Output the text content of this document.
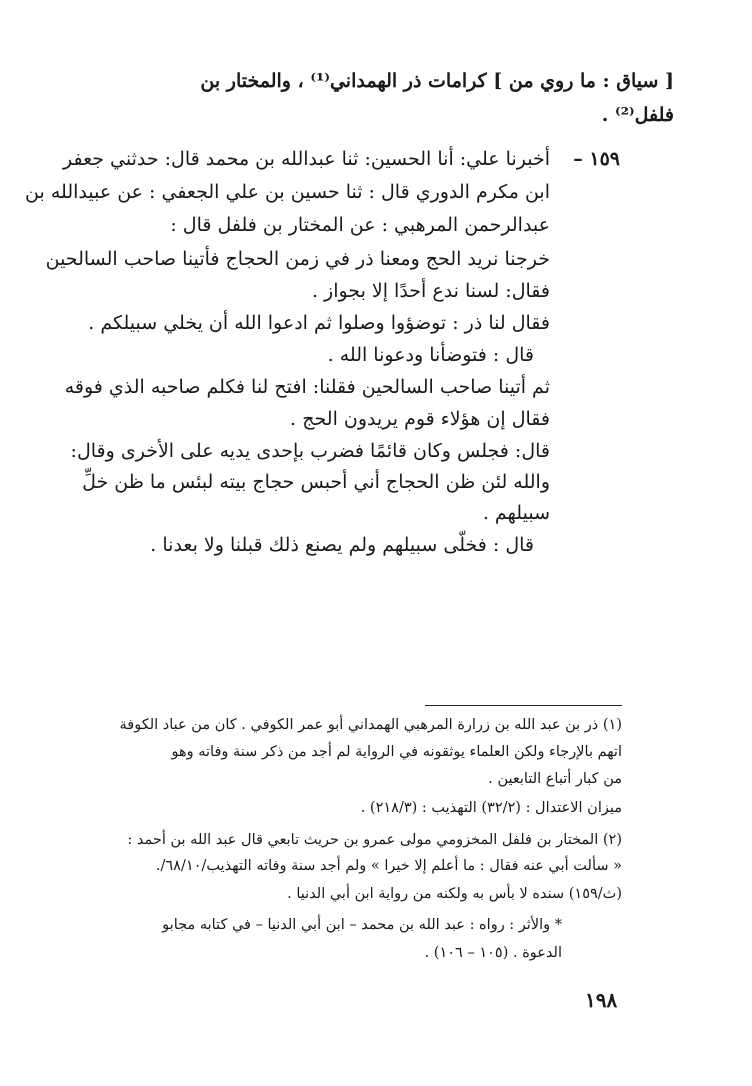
[ سياق : ما روي من ] كرامات ذر الهمداني⁽¹⁾ ، والمختار بن
فلفل⁽²⁾ .
١٥٩ –
أخبرنا علي: أنا الحسين: ثنا عبدالله بن محمد قال: حدثني جعفر
ابن مكرم الدوري قال : ثنا حسين بن علي الجعفي : عن عبيدالله بن
عبدالرحمن المرهبي : عن المختار بن فلفل قال :
خرجنا نريد الحج ومعنا ذر في زمن الحجاج فأتينا صاحب السالحين
فقال: لسنا ندع أحدًا إلا بجواز .
فقال لنا ذر : توضؤوا وصلوا ثم ادعوا الله أن يخلي سبيلكم .
قال : فتوضأنا ودعونا الله .
ثم أتينا صاحب السالحين فقلنا: افتح لنا فكلم صاحبه الذي فوقه
فقال إن هؤلاء قوم يريدون الحج .
قال: فجلس وكان قائمًا فضرب بإحدى يديه على الأخرى وقال:
والله لئن ظن الحجاج أني أحبس حجاج بيته لبئس ما ظن خلِّ
سبيلهم .
قال : فخلّى سبيلهم ولم يصنع ذلك قبلنا ولا بعدنا .
(١) ذر بن عبد الله بن زرارة المرهبي الهمداني أبو عمر الكوفي . كان من عباد الكوفة
اتهم بالإرجاء ولكن العلماء يوثقونه في الرواية لم أجد من ذكر سنة وفاته وهو
من كبار أتباع التابعين .
ميزان الاعتدال : (٣٢/٢) التهذيب : (٢١٨/٣) .
(٢) المختار بن فلفل المخزومي مولى عمرو بن حريث تابعي قال عبد الله بن أحمد :
« سألت أبي عنه فقال : ما أعلم إلا خيرا » ولم أجد سنة وفاته التهذيب/٦٨/١٠/.
(ث/١٥٩) سنده لا بأس به ولكنه من رواية ابن أبي الدنيا .
* والأثر : رواه : عبد الله بن محمد – ابن أبي الدنيا – في كتابه مجابو
الدعوة . (١٠٥ – ١٠٦) .
١٩٨
